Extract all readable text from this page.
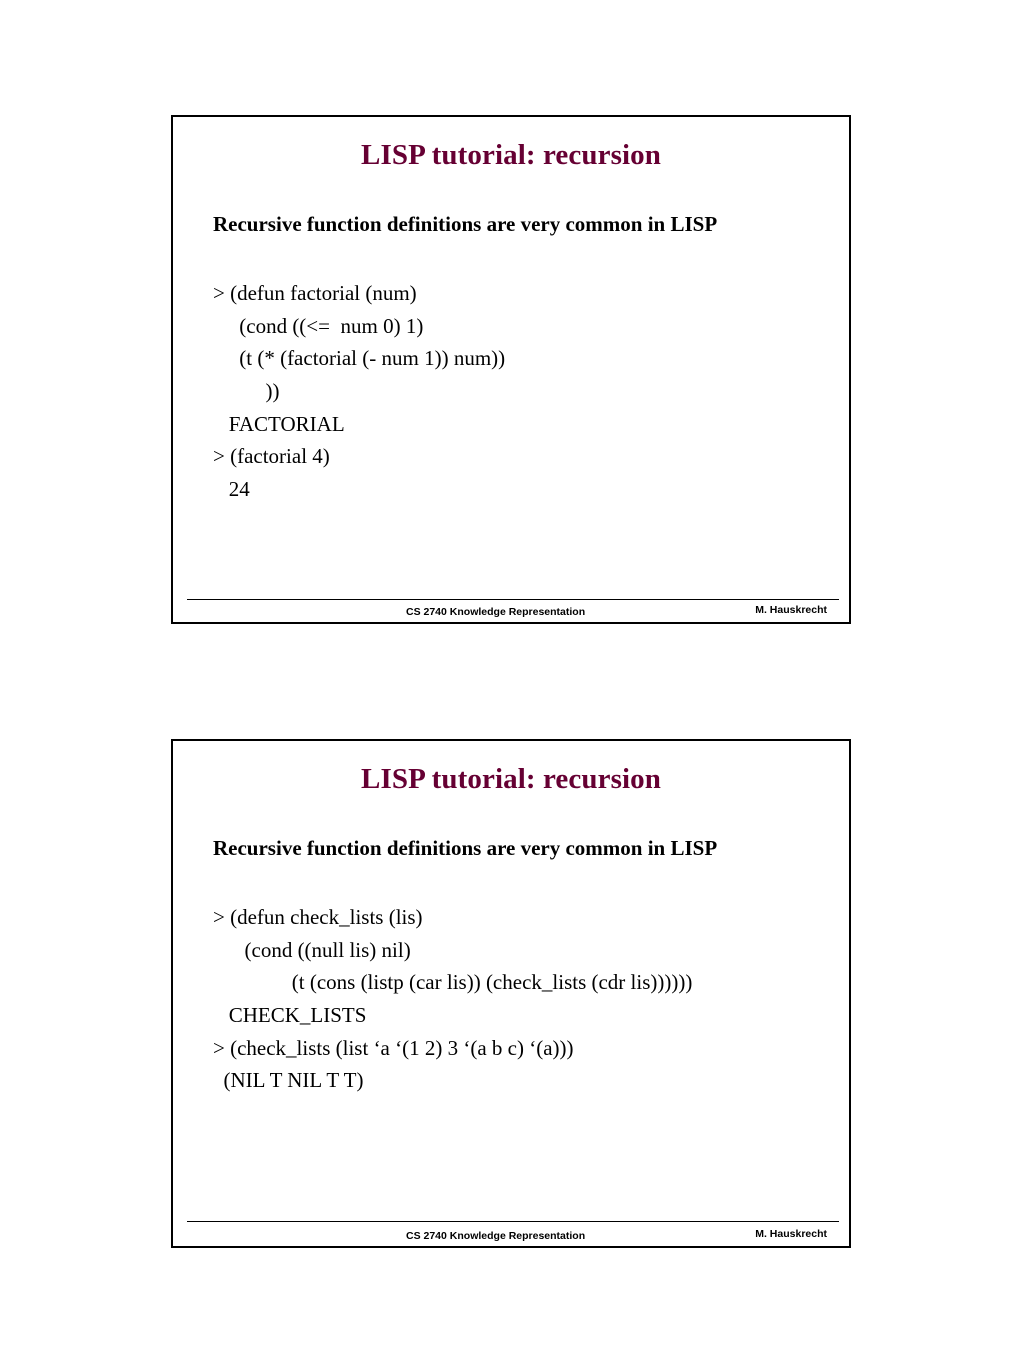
LISP tutorial: recursion
Recursive function definitions are very common in LISP
> (defun factorial (num)
(cond ((<=  num 0) 1)
(t (* (factorial (- num 1)) num))
))
FACTORIAL
> (factorial 4)
24
CS 2740 Knowledge Representation	M. Hauskrecht
LISP tutorial: recursion
Recursive function definitions are very common in LISP
> (defun check_lists (lis)
(cond ((null lis) nil)
(t (cons (listp (car lis)) (check_lists (cdr lis))))))
CHECK_LISTS
> (check_lists (list ‘a ‘(1 2) 3 ‘(a b c) ‘(a)))
(NIL T NIL T T)
CS 2740 Knowledge Representation	M. Hauskrecht
